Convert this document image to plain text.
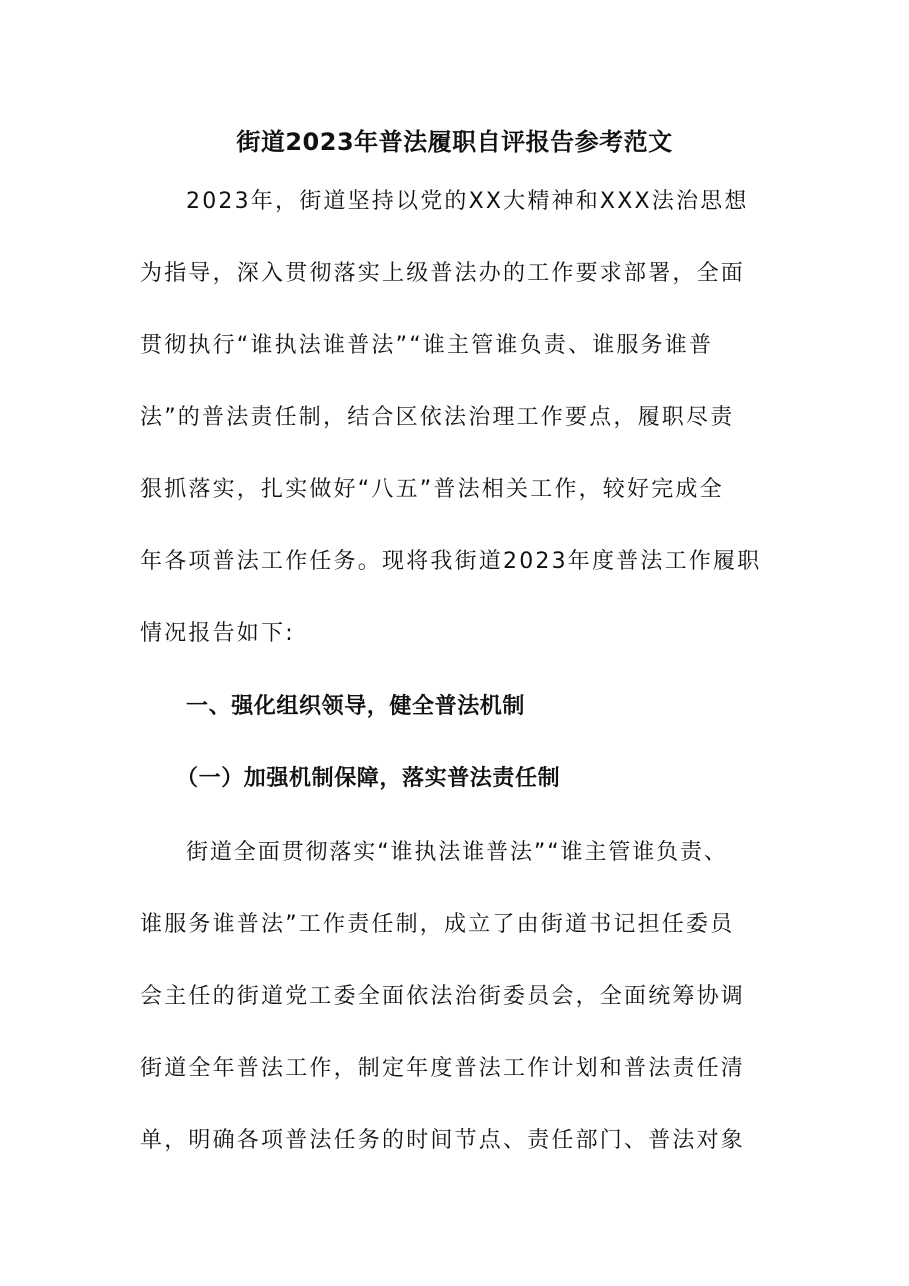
街道2023年普法履职自评报告参考范文
2023年，街道坚持以党的XX大精神和XXX法治思想
为指导，深入贯彻落实上级普法办的工作要求部署，全面
贯彻执行“谁执法谁普法”“谁主管谁负责、谁服务谁普
法”的普法责任制，结合区依法治理工作要点，履职尽责
狠抓落实，扎实做好“八五”普法相关工作，较好完成全
年各项普法工作任务。现将我街道2023年度普法工作履职
情况报告如下:
一、强化组织领导，健全普法机制
（一）加强机制保障，落实普法责任制
街道全面贯彻落实“谁执法谁普法”“谁主管谁负责、
谁服务谁普法”工作责任制，成立了由街道书记担任委员
会主任的街道党工委全面依法治街委员会，全面统筹协调
街道全年普法工作，制定年度普法工作计划和普法责任清
单，明确各项普法任务的时间节点、责任部门、普法对象
